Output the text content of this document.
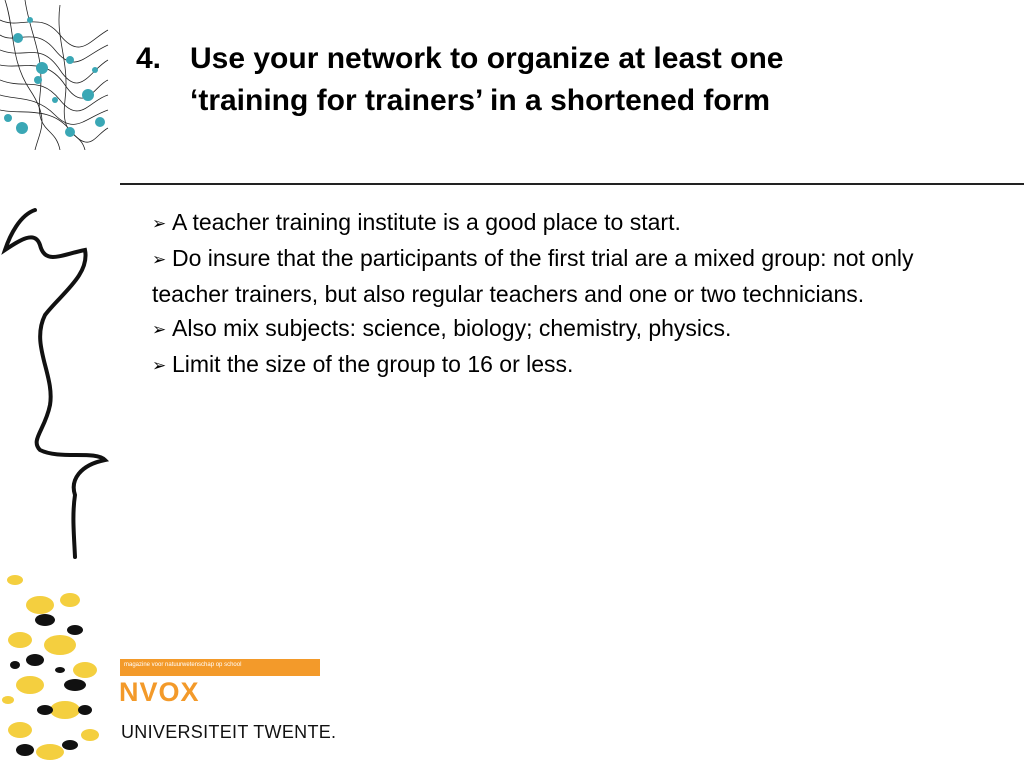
4. Use your network to organize at least one
‘training for trainers’ in a shortened form
➢ A teacher training institute is a good place to start.
➢ Do insure that the participants of the first trial are a mixed group: not only teacher trainers, but also regular teachers and one or two technicians.
➢ Also mix subjects: science, biology; chemistry, physics.
➢ Limit the size of the group to 16 or less.
magazine voor natuurwetenschap op school
NVOX
UNIVERSITEIT TWENTE.
